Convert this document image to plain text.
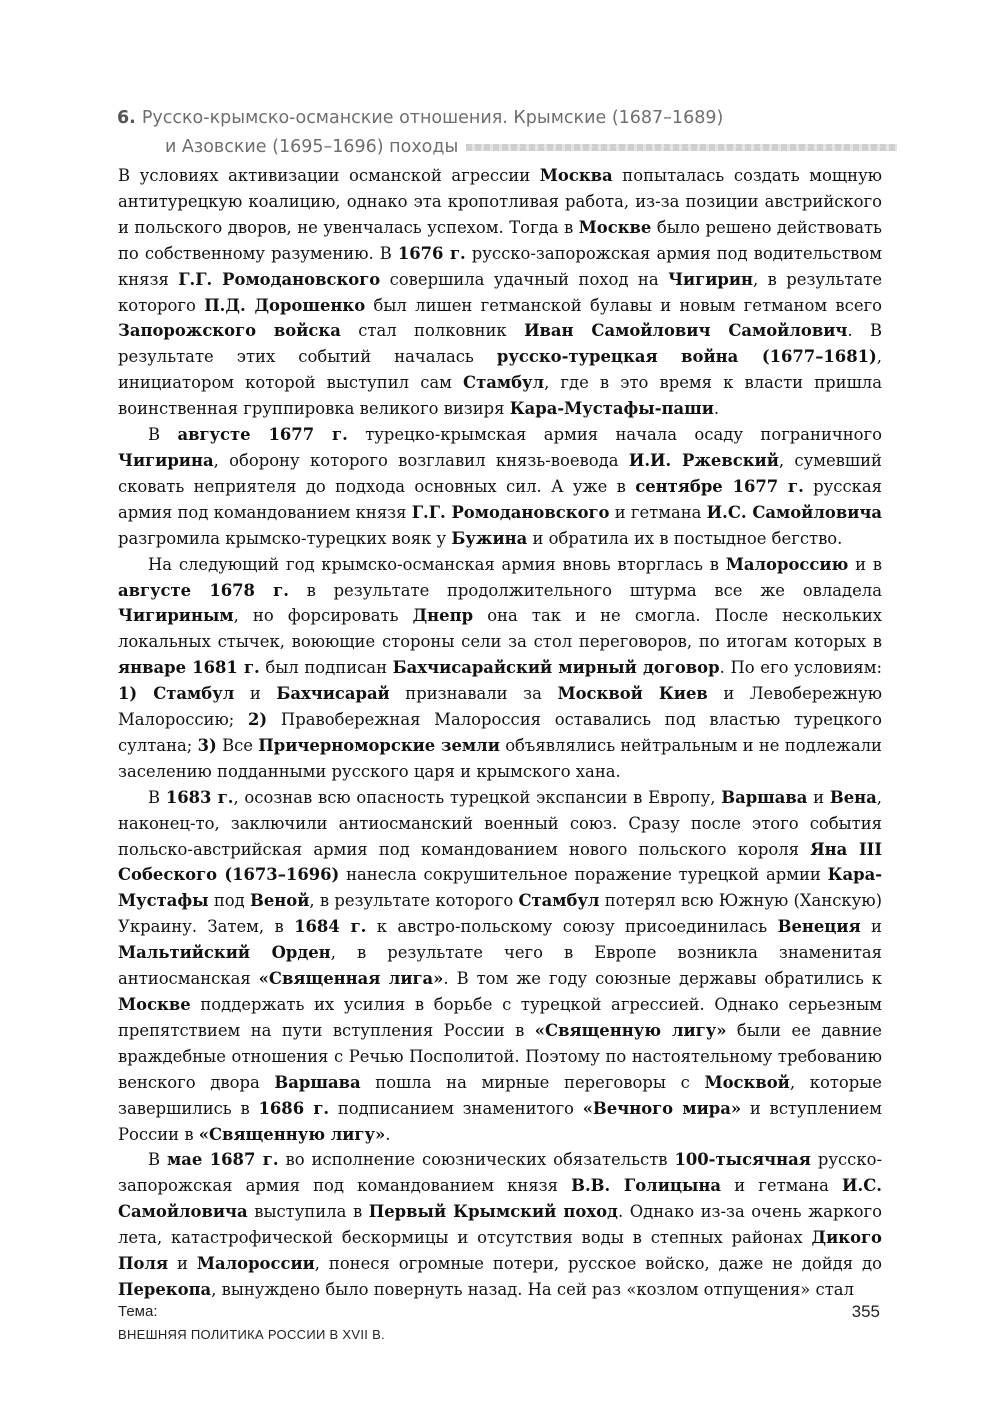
6. Русско-крымско-османские отношения. Крымские (1687–1689)
и Азовские (1695–1696) походы

В условиях активизации османской агрессии Москва попыталась создать мощную антитурецкую коалицию, однако эта кропотливая работа, из-за позиции австрийского и польского дворов, не увенчалась успехом. Тогда в Москве было решено действовать по собственному разумению. В 1676 г. русско-запорожская армия под водительством князя Г.Г. Ромодановского совершила удачный поход на Чигирин, в результате которого П.Д. Дорошенко был лишен гетманской булавы и новым гетманом всего Запорожского войска стал полковник Иван Самойлович Самойлович. В результате этих событий началась русско-турецкая война (1677–1681), инициатором которой выступил сам Стамбул, где в это время к власти пришла воинственная группировка великого визиря Кара-Мустафы-паши.

В августе 1677 г. турецко-крымская армия начала осаду пограничного Чигирина, оборону которого возглавил князь-воевода И.И. Ржевский, сумевший сковать неприятеля до подхода основных сил. А уже в сентябре 1677 г. русская армия под командованием князя Г.Г. Ромодановского и гетмана И.С. Самойловича разгромила крымско-турецких вояк у Бужина и обратила их в постыдное бегство.

На следующий год крымско-османская армия вновь вторглась в Малороссию и в августе 1678 г. в результате продолжительного штурма все же овладела Чигириным, но форсировать Днепр она так и не смогла. После нескольких локальных стычек, воюющие стороны сели за стол переговоров, по итогам которых в январе 1681 г. был подписан Бахчисарайский мирный договор. По его условиям: 1) Стамбул и Бахчисарай признавали за Москвой Киев и Левобережную Малороссию; 2) Правобережная Малороссия оставались под властью турецкого султана; 3) Все Причерноморские земли объявлялись нейтральным и не подлежали заселению подданными русского царя и крымского хана.

В 1683 г., осознав всю опасность турецкой экспансии в Европу, Варшава и Вена, наконец-то, заключили антиосманский военный союз. Сразу после этого события польско-австрийская армия под командованием нового польского короля Яна III Собеского (1673–1696) нанесла сокрушительное поражение турецкой армии Кара-Мустафы под Веной, в результате которого Стамбул потерял всю Южную (Ханскую) Украину. Затем, в 1684 г. к австро-польскому союзу присоединилась Венеция и Мальтийский Орден, в результате чего в Европе возникла знаменитая антиосманская «Священная лига». В том же году союзные державы обратились к Москве поддержать их усилия в борьбе с турецкой агрессией. Однако серьезным препятствием на пути вступления России в «Священную лигу» были ее давние враждебные отношения с Речью Посполитой. Поэтому по настоятельному требованию венского двора Варшава пошла на мирные переговоры с Москвой, которые завершились в 1686 г. подписанием знаменитого «Вечного мира» и вступлением России в «Священную лигу».

В мае 1687 г. во исполнение союзнических обязательств 100-тысячная русско-запорожская армия под командованием князя В.В. Голицына и гетмана И.С. Самойловича выступила в Первый Крымский поход. Однако из-за очень жаркого лета, катастрофической бескормицы и отсутствия воды в степных районах Дикого Поля и Малороссии, понеся огромные потери, русское войско, даже не дойдя до Перекопа, вынуждено было повернуть назад. На сей раз «козлом отпущения» стал

Тема:
ВНЕШНЯЯ ПОЛИТИКА РОССИИ В XVII В.
355
